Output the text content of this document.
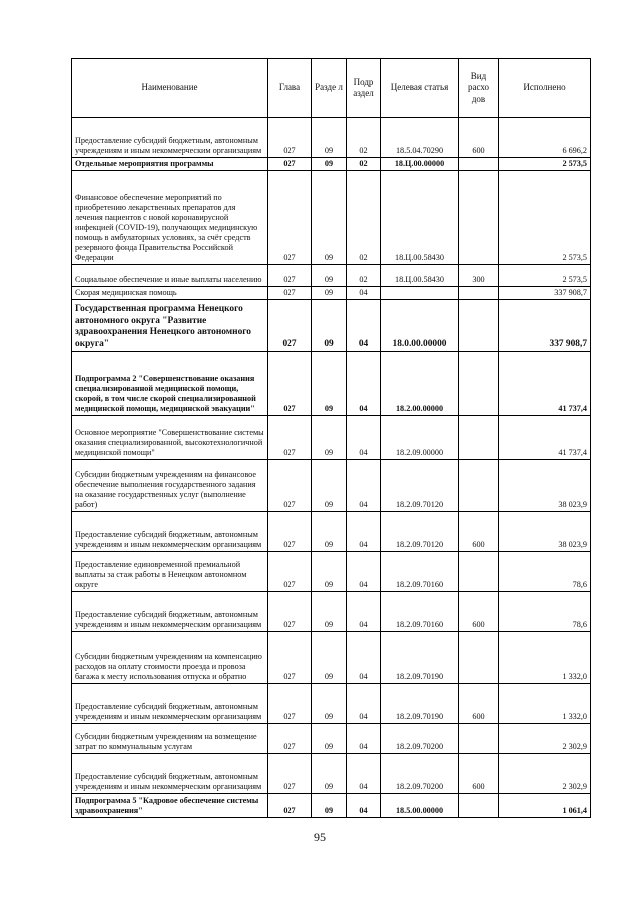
Наименование	Глава	Разде л	Подр аздел	Целевая статья	Вид расхо дов	Исполнено
Предоставление субсидий бюджетным, автономным учреждениям и иным некоммерческим организациям	027	09	02	18.5.04.70290	600	6 696,2
Отдельные мероприятия программы	027	09	02	18.Ц.00.00000		2 573,5
Финансовое обеспечение мероприятий по приобретению лекарственных препаратов для лечения пациентов с новой коронавирусной инфекцией (COVID-19), получающих медицинскую помощь в амбулаторных условиях, за счёт средств резервного фонда Правительства Российской Федерации	027	09	02	18.Ц.00.58430		2 573,5
Социальное обеспечение и иные выплаты населению	027	09	02	18.Ц.00.58430	300	2 573,5
Скорая медицинская помощь	027	09	04			337 908,7
Государственная программа Ненецкого автономного округа "Развитие здравоохранения Ненецкого автономного округа"	027	09	04	18.0.00.00000		337 908,7
Подпрограмма 2 "Совершенствование оказания специализированной медицинской помощи, скорой, в том числе скорой специализированной медицинской помощи, медицинской эвакуации"	027	09	04	18.2.00.00000		41 737,4
Основное мероприятие "Совершенствование системы оказания специализированной, высокотехнологичной медицинской помощи"	027	09	04	18.2.09.00000		41 737,4
Субсидии бюджетным учреждениям на финансовое обеспечение выполнения государственного задания на оказание государственных услуг (выполнение работ)	027	09	04	18.2.09.70120		38 023,9
Предоставление субсидий бюджетным, автономным учреждениям и иным некоммерческим организациям	027	09	04	18.2.09.70120	600	38 023,9
Предоставление единовременной премиальной выплаты за стаж работы в Ненецком автономном округе	027	09	04	18.2.09.70160		78,6
Предоставление субсидий бюджетным, автономным учреждениям и иным некоммерческим организациям	027	09	04	18.2.09.70160	600	78,6
Субсидии бюджетным учреждениям на компенсацию расходов на оплату стоимости проезда и провоза багажа к месту использования отпуска и обратно	027	09	04	18.2.09.70190		1 332,0
Предоставление субсидий бюджетным, автономным учреждениям и иным некоммерческим организациям	027	09	04	18.2.09.70190	600	1 332,0
Субсидии бюджетным учреждениям на возмещение затрат по коммунальным услугам	027	09	04	18.2.09.70200		2 302,9
Предоставление субсидий бюджетным, автономным учреждениям и иным некоммерческим организациям	027	09	04	18.2.09.70200	600	2 302,9
Подпрограмма 5 "Кадровое обеспечение системы здравоохранения"	027	09	04	18.5.00.00000		1 061,4
95
